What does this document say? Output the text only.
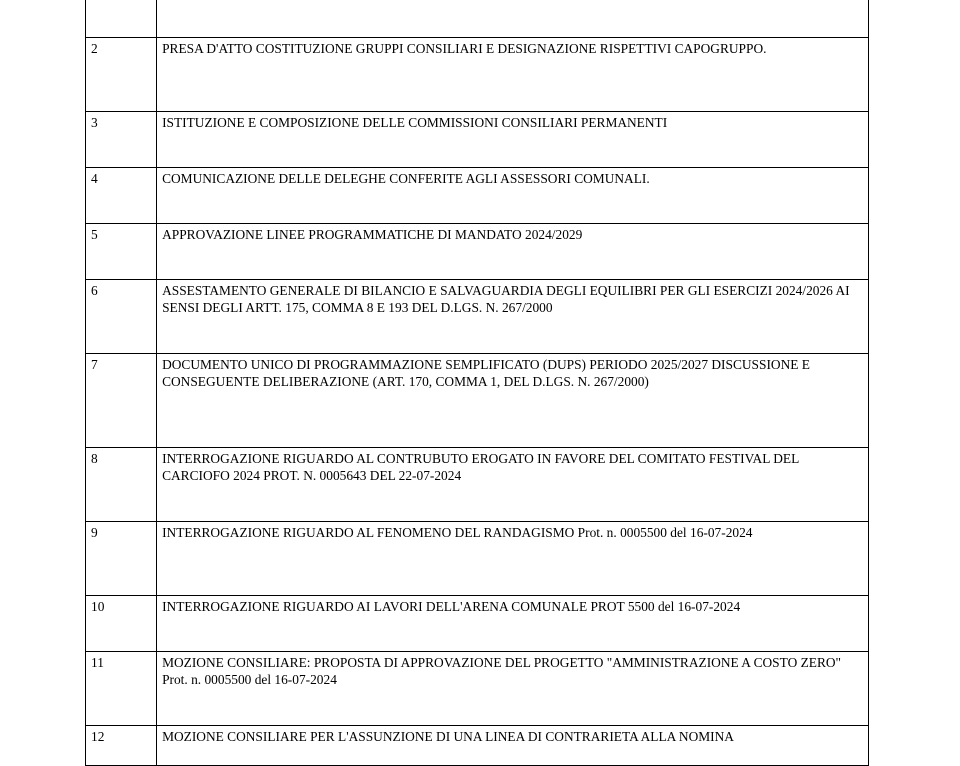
2	PRESA D'ATTO COSTITUZIONE GRUPPI CONSILIARI E DESIGNAZIONE RISPETTIVI CAPOGRUPPO.
3	ISTITUZIONE E COMPOSIZIONE DELLE COMMISSIONI CONSILIARI PERMANENTI
4	COMUNICAZIONE DELLE DELEGHE CONFERITE AGLI ASSESSORI COMUNALI.
5	APPROVAZIONE LINEE PROGRAMMATICHE DI MANDATO 2024/2029
6	ASSESTAMENTO GENERALE DI BILANCIO E SALVAGUARDIA DEGLI EQUILIBRI PER GLI ESERCIZI 2024/2026 AI SENSI DEGLI ARTT. 175, COMMA 8 E 193 DEL D.LGS. N. 267/2000
7	DOCUMENTO UNICO DI PROGRAMMAZIONE SEMPLIFICATO (DUPS) PERIODO 2025/2027 DISCUSSIONE E CONSEGUENTE DELIBERAZIONE (ART. 170, COMMA 1, DEL D.LGS. N. 267/2000)
8	INTERROGAZIONE RIGUARDO AL CONTRUBUTO EROGATO IN FAVORE DEL COMITATO FESTIVAL DEL CARCIOFO 2024 PROT. N. 0005643 DEL 22-07-2024
9	INTERROGAZIONE RIGUARDO AL FENOMENO DEL RANDAGISMO Prot. n. 0005500 del 16-07-2024
10	INTERROGAZIONE RIGUARDO AI LAVORI DELL'ARENA COMUNALE PROT 5500 del 16-07-2024
11	MOZIONE CONSILIARE: PROPOSTA DI APPROVAZIONE DEL PROGETTO "AMMINISTRAZIONE A COSTO ZERO" Prot. n. 0005500 del 16-07-2024
12	MOZIONE CONSILIARE PER L'ASSUNZIONE DI UNA LINEA DI CONTRARIETA ALLA NOMINA
